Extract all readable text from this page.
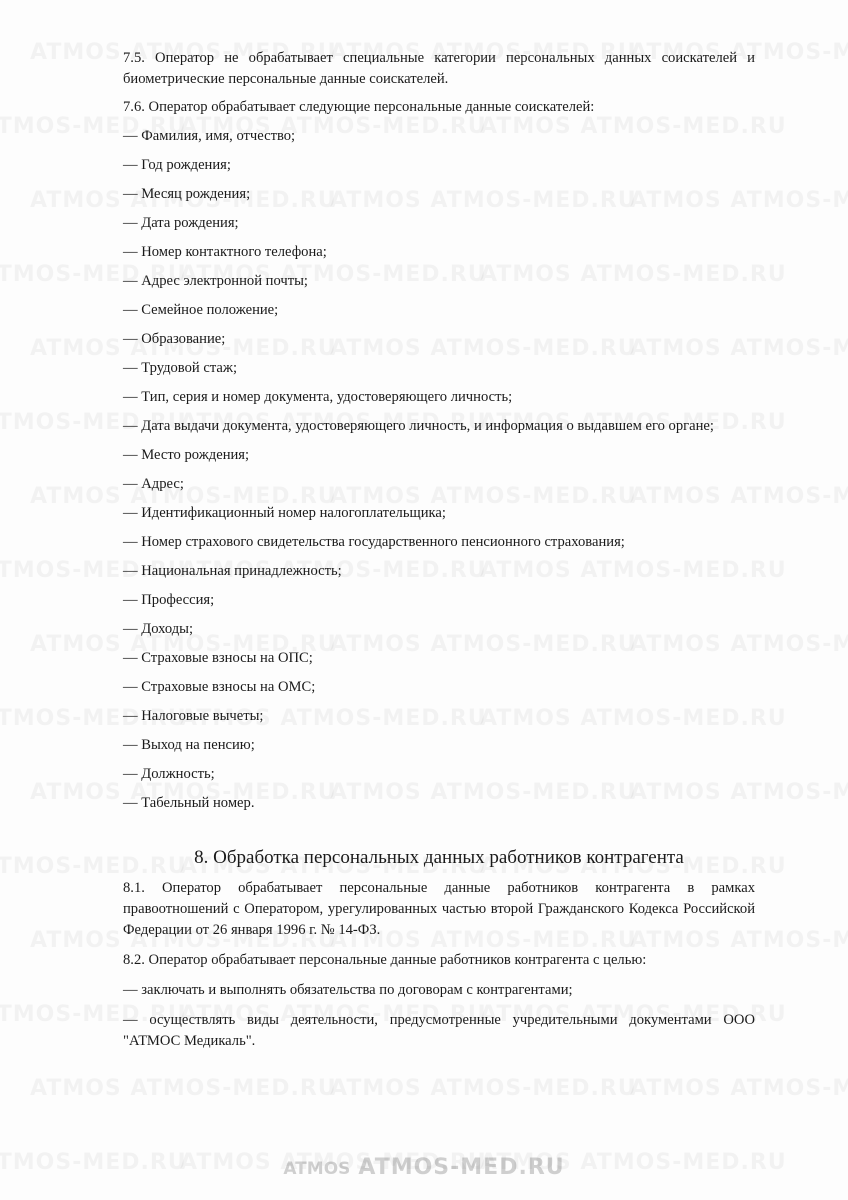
7.5. Оператор не обрабатывает специальные категории персональных данных соискателей и биометрические персональные данные соискателей.

7.6. Оператор обрабатывает следующие персональные данные соискателей:

— Фамилия, имя, отчество;

— Год рождения;

— Месяц рождения;

— Дата рождения;

— Номер контактного телефона;

— Адрес электронной почты;

— Семейное положение;

— Образование;

— Трудовой стаж;

— Тип, серия и номер документа, удостоверяющего личность;

— Дата выдачи документа, удостоверяющего личность, и информация о выдавшем его органе;

— Место рождения;

— Адрес;

— Идентификационный номер налогоплательщика;

— Номер страхового свидетельства государственного пенсионного страхования;

— Национальная принадлежность;

— Профессия;

— Доходы;

— Страховые взносы на ОПС;

— Страховые взносы на ОМС;

— Налоговые вычеты;

— Выход на пенсию;

— Должность;

— Табельный номер.

8. Обработка персональных данных работников контрагента

8.1. Оператор обрабатывает персональные данные работников контрагента в рамках правоотношений с Оператором, урегулированных частью второй Гражданского Кодекса Российской Федерации от 26 января 1996 г. № 14-ФЗ.

8.2. Оператор обрабатывает персональные данные работников контрагента с целью:

— заключать и выполнять обязательства по договорам с контрагентами;

— осуществлять виды деятельности, предусмотренные учредительными документами ООО "АТМОС Медикаль".

ATMOS ATMOS-MED.RU
